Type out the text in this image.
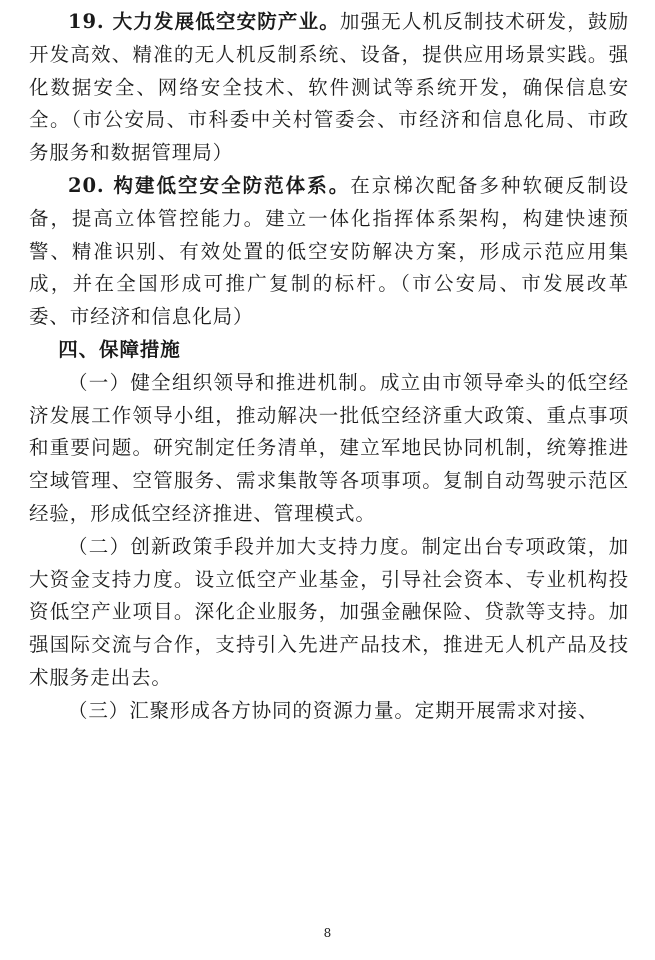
19. 大力发展低空安防产业。加强无人机反制技术研发，鼓励开发高效、精准的无人机反制系统、设备，提供应用场景实践。强化数据安全、网络安全技术、软件测试等系统开发，确保信息安全。（市公安局、市科委中关村管委会、市经济和信息化局、市政务服务和数据管理局）

20. 构建低空安全防范体系。在京梯次配备多种软硬反制设备，提高立体管控能力。建立一体化指挥体系架构，构建快速预警、精准识别、有效处置的低空安防解决方案，形成示范应用集成，并在全国形成可推广复制的标杆。（市公安局、市发展改革委、市经济和信息化局）

四、保障措施

（一）健全组织领导和推进机制。成立由市领导牵头的低空经济发展工作领导小组，推动解决一批低空经济重大政策、重点事项和重要问题。研究制定任务清单，建立军地民协同机制，统筹推进空域管理、空管服务、需求集散等各项事项。复制自动驾驶示范区经验，形成低空经济推进、管理模式。

（二）创新政策手段并加大支持力度。制定出台专项政策，加大资金支持力度。设立低空产业基金，引导社会资本、专业机构投资低空产业项目。深化企业服务，加强金融保险、贷款等支持。加强国际交流与合作，支持引入先进产品技术，推进无人机产品及技术服务走出去。

（三）汇聚形成各方协同的资源力量。定期开展需求对接、

8
